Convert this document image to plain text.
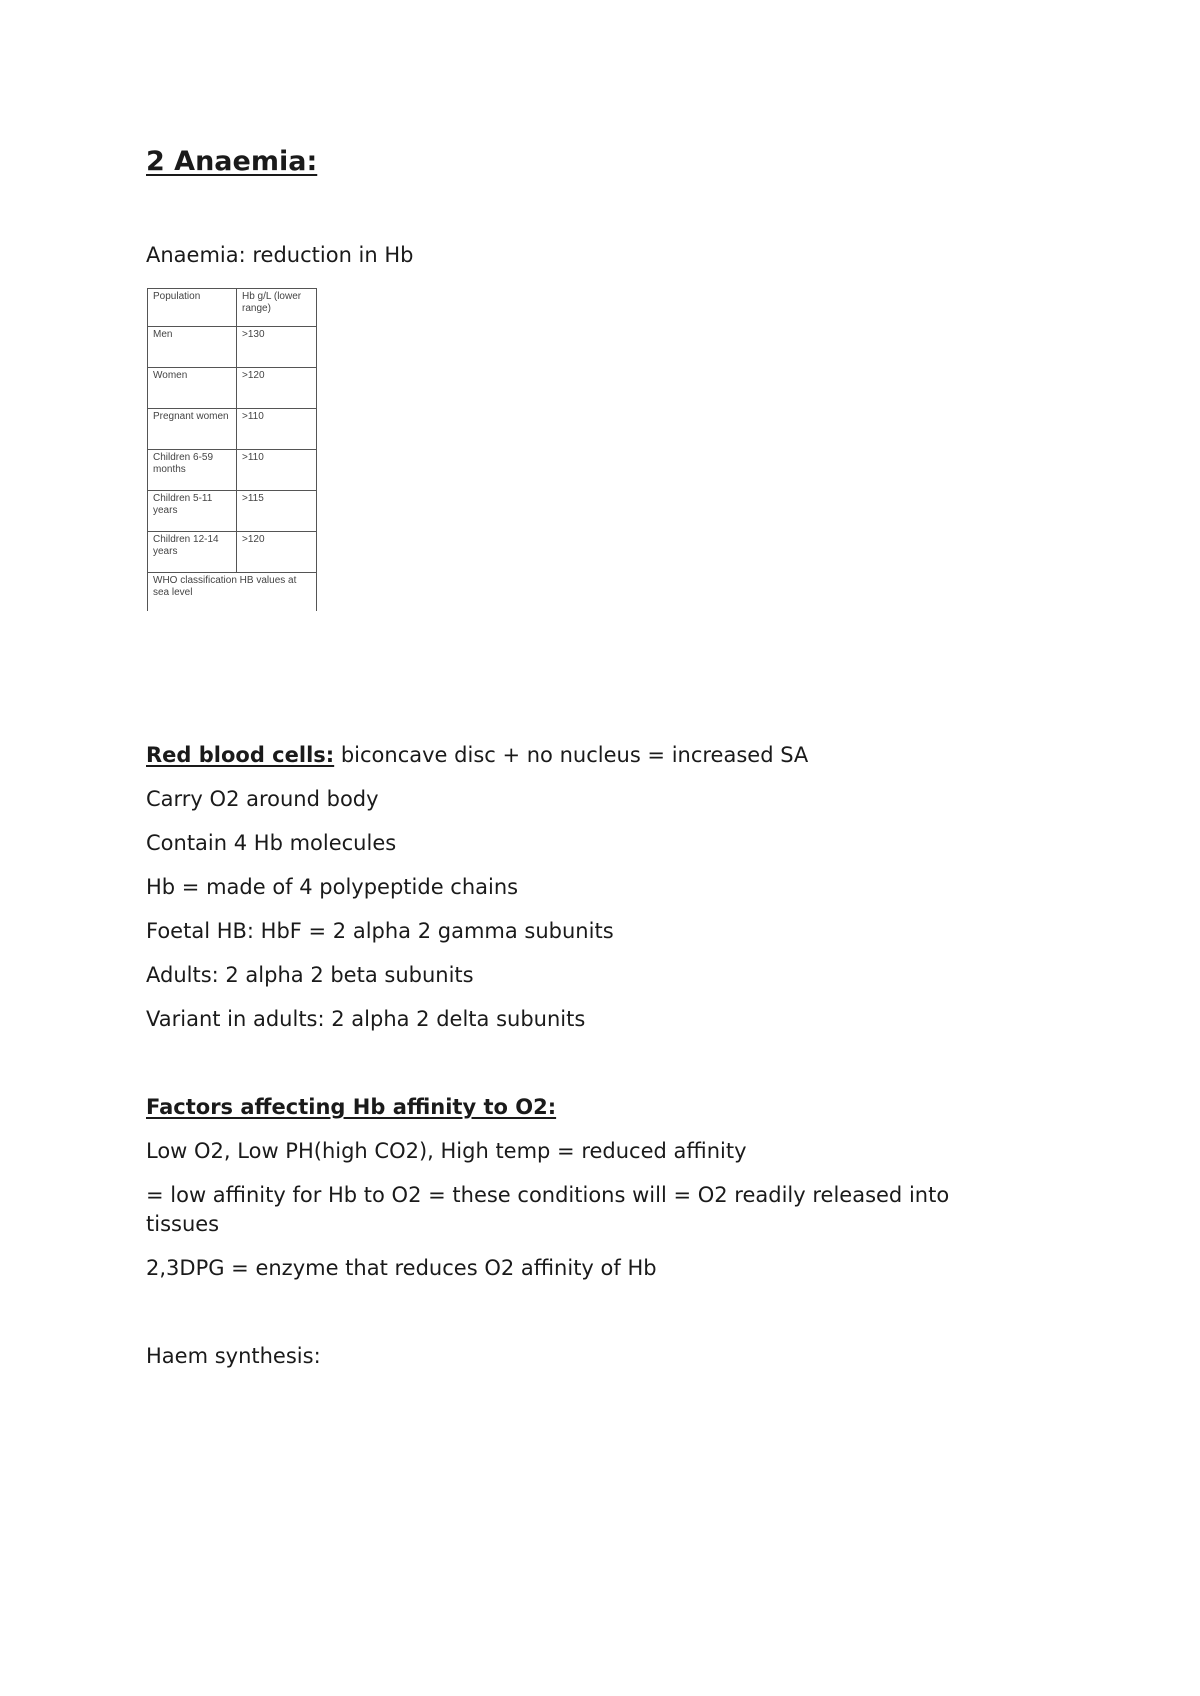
2 Anaemia:
Anaemia: reduction in Hb
Population	Hb g/L (lower range)
Men	>130
Women	>120
Pregnant women	>110
Children 6-59 months	>110
Children 5-11 years	>115
Children 12-14 years	>120
WHO classification HB values at sea level	
Red blood cells: biconcave disc + no nucleus = increased SA
Carry O2 around body
Contain 4 Hb molecules
Hb = made of 4 polypeptide chains
Foetal HB: HbF = 2 alpha 2 gamma subunits
Adults: 2 alpha 2 beta subunits
Variant in adults: 2 alpha 2 delta subunits
Factors affecting Hb affinity to O2:
Low O2, Low PH(high CO2), High temp = reduced affinity
= low affinity for Hb to O2 = these conditions will = O2 readily released into tissues
2,3DPG = enzyme that reduces O2 affinity of Hb
Haem synthesis:
